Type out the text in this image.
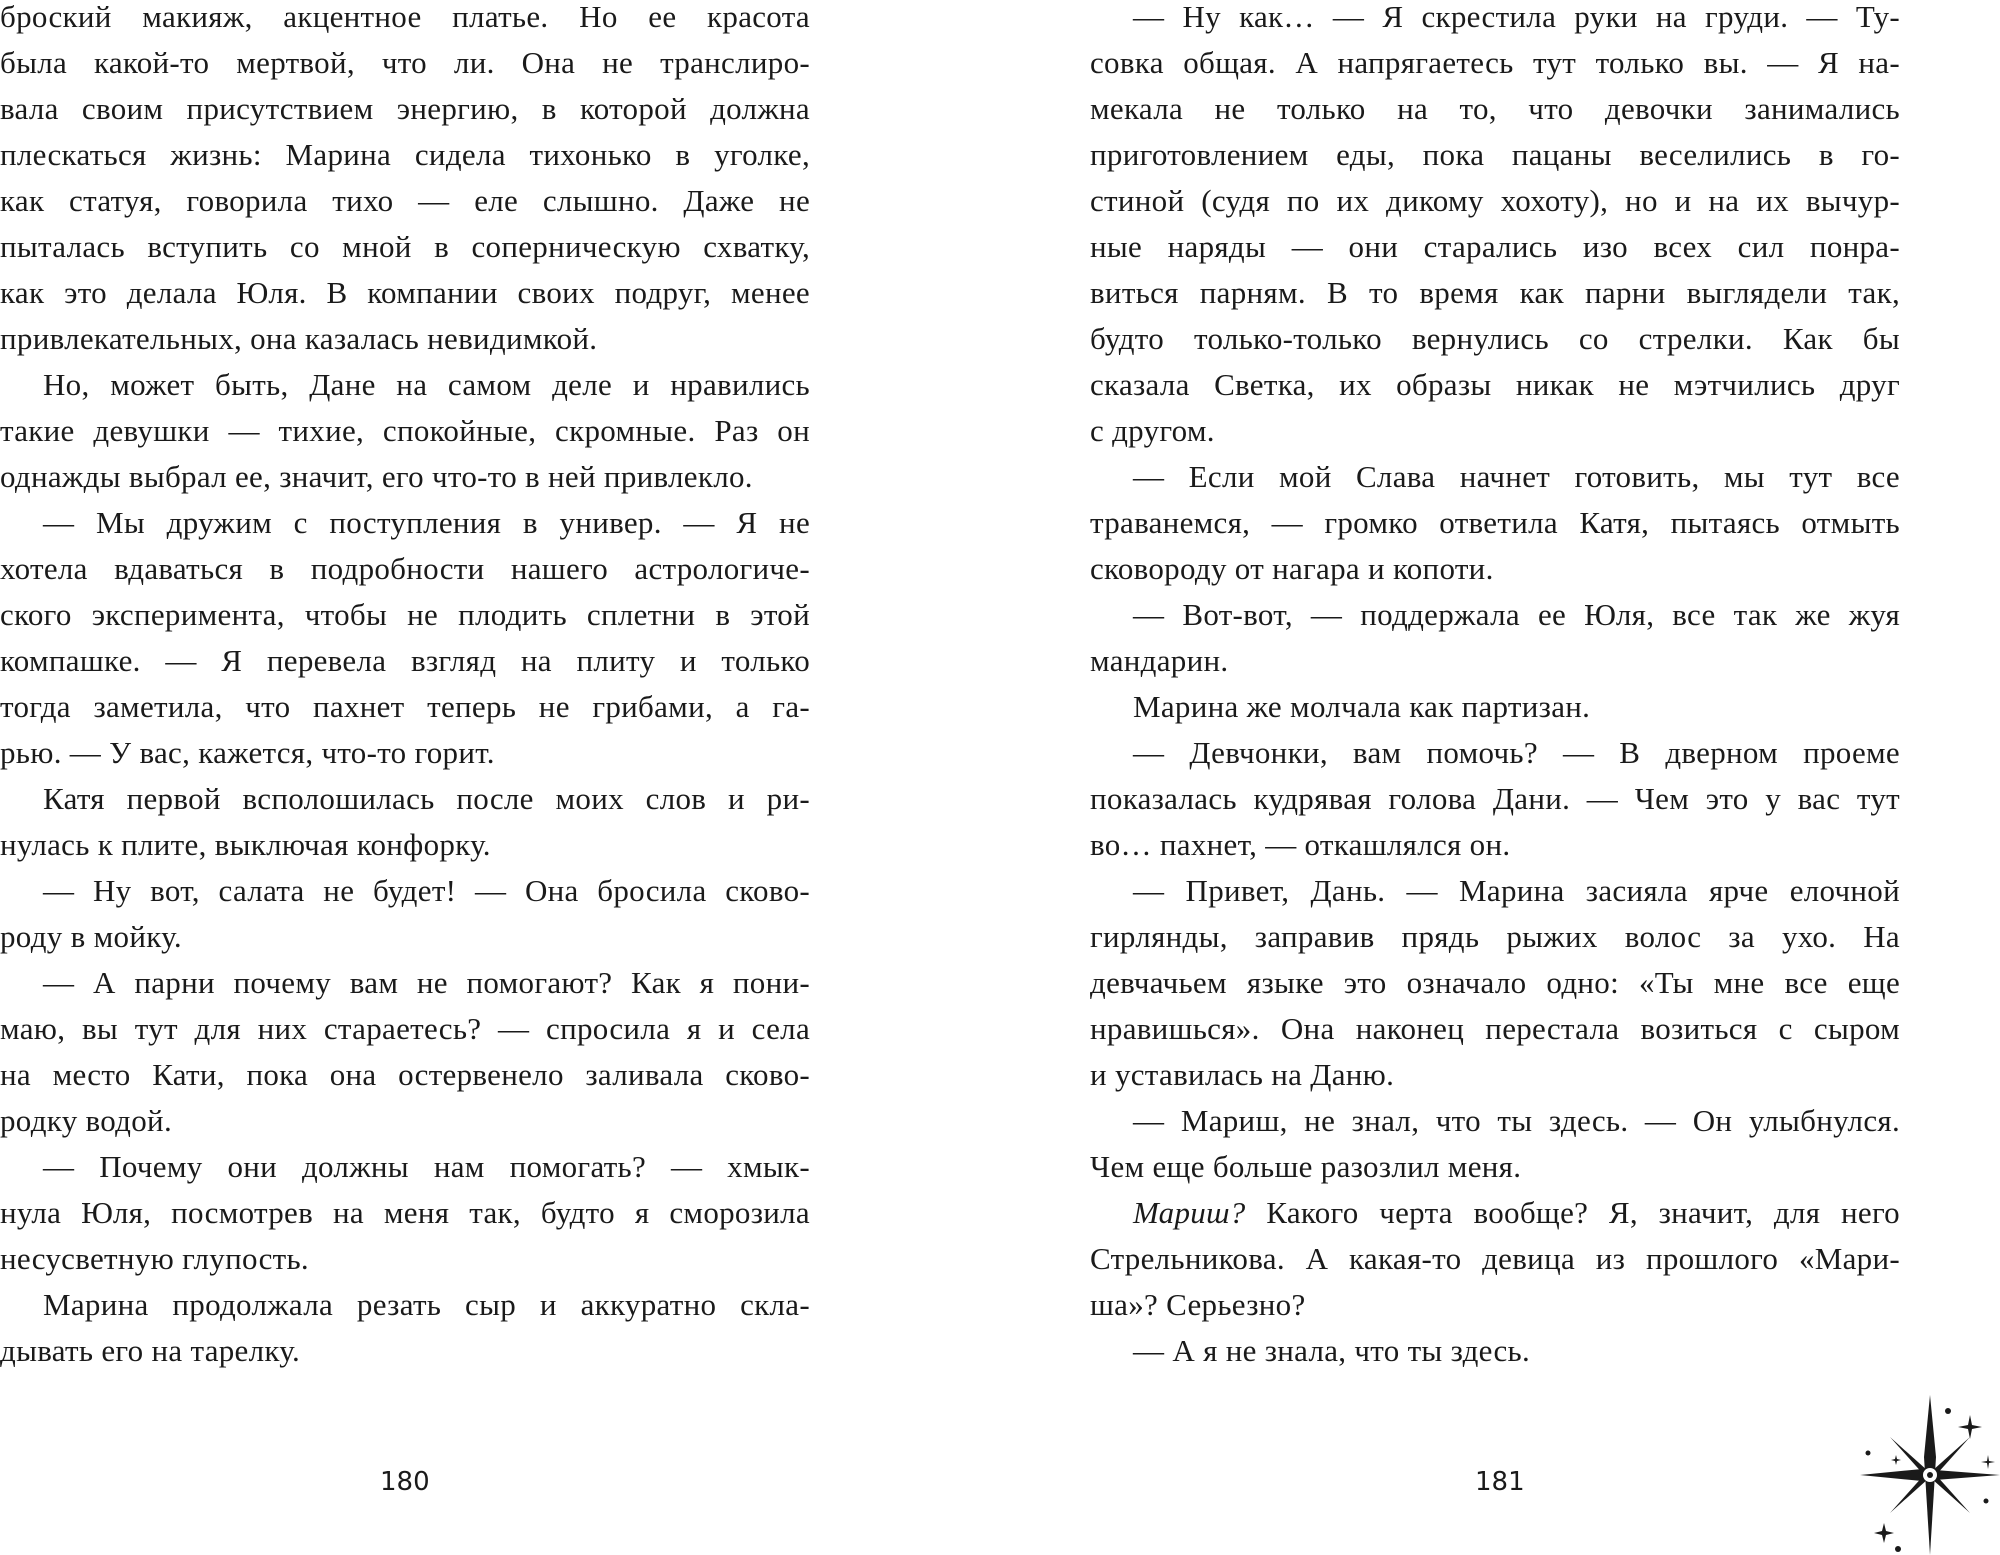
броский макияж, акцентное платье. Но ее красота
была какой-то мертвой, что ли. Она не транслиро-
вала своим присутствием энергию, в которой должна
плескаться жизнь: Марина сидела тихонько в уголке,
как статуя, говорила тихо — еле слышно. Даже не
пыталась вступить со мной в соперническую схватку,
как это делала Юля. В компании своих подруг, менее
привлекательных, она казалась невидимкой.
Но, может быть, Дане на самом деле и нравились
такие девушки — тихие, спокойные, скромные. Раз он
однажды выбрал ее, значит, его что-то в ней привлекло.
— Мы дружим с поступления в универ. — Я не
хотела вдаваться в подробности нашего астрологиче-
ского эксперимента, чтобы не плодить сплетни в этой
компашке. — Я перевела взгляд на плиту и только
тогда заметила, что пахнет теперь не грибами, а га-
рью. — У вас, кажется, что-то горит.
Катя первой всполошилась после моих слов и ри-
нулась к плите, выключая конфорку.
— Ну вот, салата не будет! — Она бросила сково-
роду в мойку.
— А парни почему вам не помогают? Как я пони-
маю, вы тут для них стараетесь? — спросила я и села
на место Кати, пока она остервенело заливала сково-
родку водой.
— Почему они должны нам помогать? — хмык-
нула Юля, посмотрев на меня так, будто я сморозила
несусветную глупость.
Марина продолжала резать сыр и аккуратно скла-
дывать его на тарелку.
180
— Ну как… — Я скрестила руки на груди. — Ту-
совка общая. А напрягаетесь тут только вы. — Я на-
мекала не только на то, что девочки занимались
приготовлением еды, пока пацаны веселились в го-
стиной (судя по их дикому хохоту), но и на их вычур-
ные наряды — они старались изо всех сил понра-
виться парням. В то время как парни выглядели так,
будто только-только вернулись со стрелки. Как бы
сказала Светка, их образы никак не мэтчились друг
с другом.
— Если мой Слава начнет готовить, мы тут все
траванемся, — громко ответила Катя, пытаясь отмыть
сковороду от нагара и копоти.
— Вот-вот, — поддержала ее Юля, все так же жуя
мандарин.
Марина же молчала как партизан.
— Девчонки, вам помочь? — В дверном проеме
показалась кудрявая голова Дани. — Чем это у вас тут
во… пахнет, — откашлялся он.
— Привет, Дань. — Марина засияла ярче елочной
гирлянды, заправив прядь рыжих волос за ухо. На
девчачьем языке это означало одно: «Ты мне все еще
нравишься». Она наконец перестала возиться с сыром
и уставилась на Даню.
— Мариш, не знал, что ты здесь. — Он улыбнулся.
Чем еще больше разозлил меня.
Мариш? Какого черта вообще? Я, значит, для него
Стрельникова. А какая-то девица из прошлого «Мари-
ша»? Серьезно?
— А я не знала, что ты здесь.
181
